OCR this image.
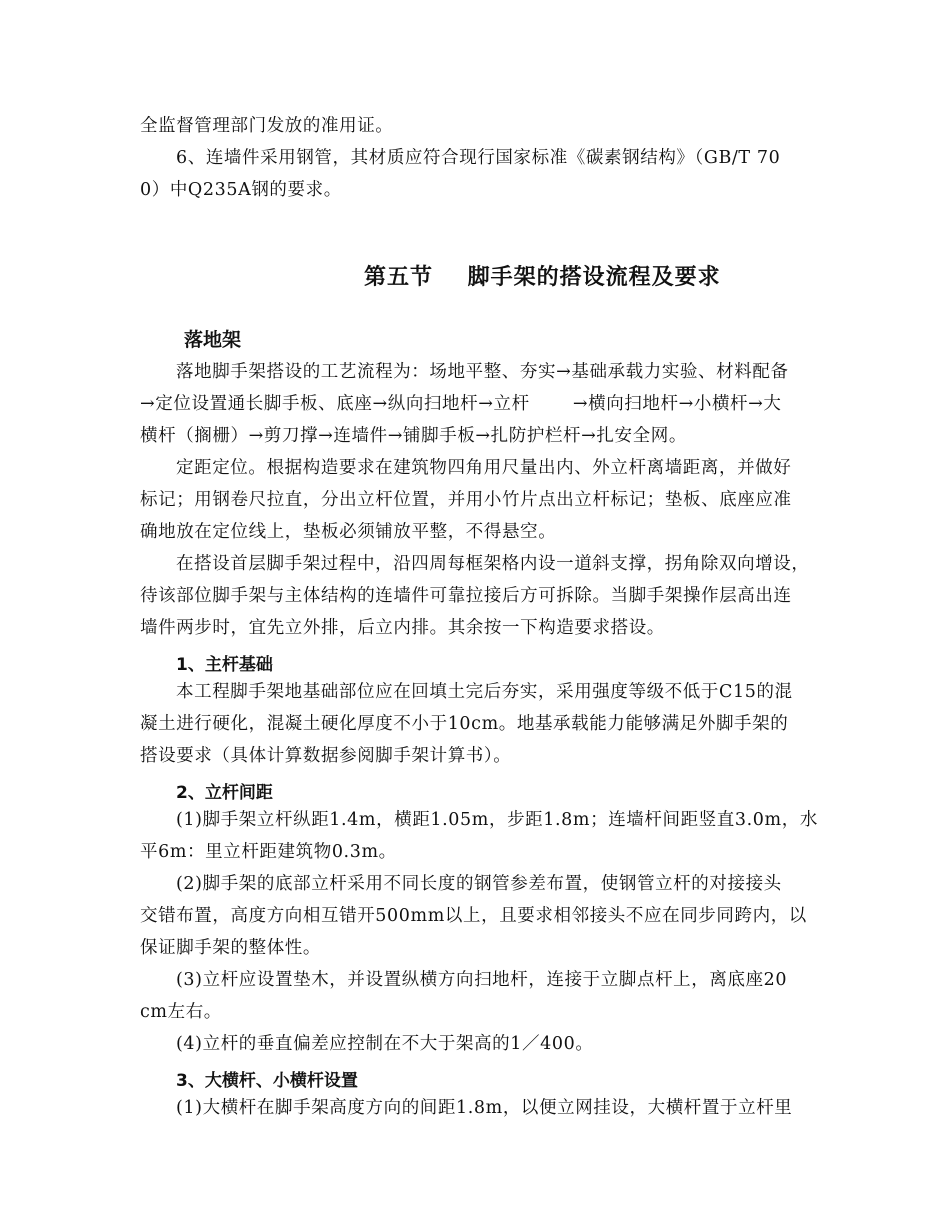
全监督管理部门发放的准用证。
6、连墙件采用钢管，其材质应符合现行国家标准《碳素钢结构》（GB/T 70
0）中Q235A钢的要求。
第五节    脚手架的搭设流程及要求
落地架
落地脚手架搭设的工艺流程为：场地平整、夯实→基础承载力实验、材料配备
→定位设置通长脚手板、底座→纵向扫地杆→立杆       →横向扫地杆→小横杆→大
横杆（搁栅）→剪刀撑→连墙件→铺脚手板→扎防护栏杆→扎安全网。
定距定位。根据构造要求在建筑物四角用尺量出内、外立杆离墙距离，并做好
标记；用钢卷尺拉直，分出立杆位置，并用小竹片点出立杆标记；垫板、底座应准
确地放在定位线上，垫板必须铺放平整，不得悬空。
在搭设首层脚手架过程中，沿四周每框架格内设一道斜支撑，拐角除双向增设，
待该部位脚手架与主体结构的连墙件可靠拉接后方可拆除。当脚手架操作层高出连
墙件两步时，宜先立外排，后立内排。其余按一下构造要求搭设。
1、主杆基础
本工程脚手架地基础部位应在回填土完后夯实，采用强度等级不低于C15的混
凝土进行硬化，混凝土硬化厚度不小于10cm。地基承载能力能够满足外脚手架的
搭设要求（具体计算数据参阅脚手架计算书）。
2、立杆间距
(1)脚手架立杆纵距1.4m，横距1.05m，步距1.8m；连墙杆间距竖直3.0m，水
平6m：里立杆距建筑物0.3m。
(2)脚手架的底部立杆采用不同长度的钢管参差布置，使钢管立杆的对接接头
交错布置，高度方向相互错开500mm以上，且要求相邻接头不应在同步同跨内，以
保证脚手架的整体性。
(3)立杆应设置垫木，并设置纵横方向扫地杆，连接于立脚点杆上，离底座20
cm左右。
(4)立杆的垂直偏差应控制在不大于架高的1／400。
3、大横杆、小横杆设置
(1)大横杆在脚手架高度方向的间距1.8m，以便立网挂设，大横杆置于立杆里
